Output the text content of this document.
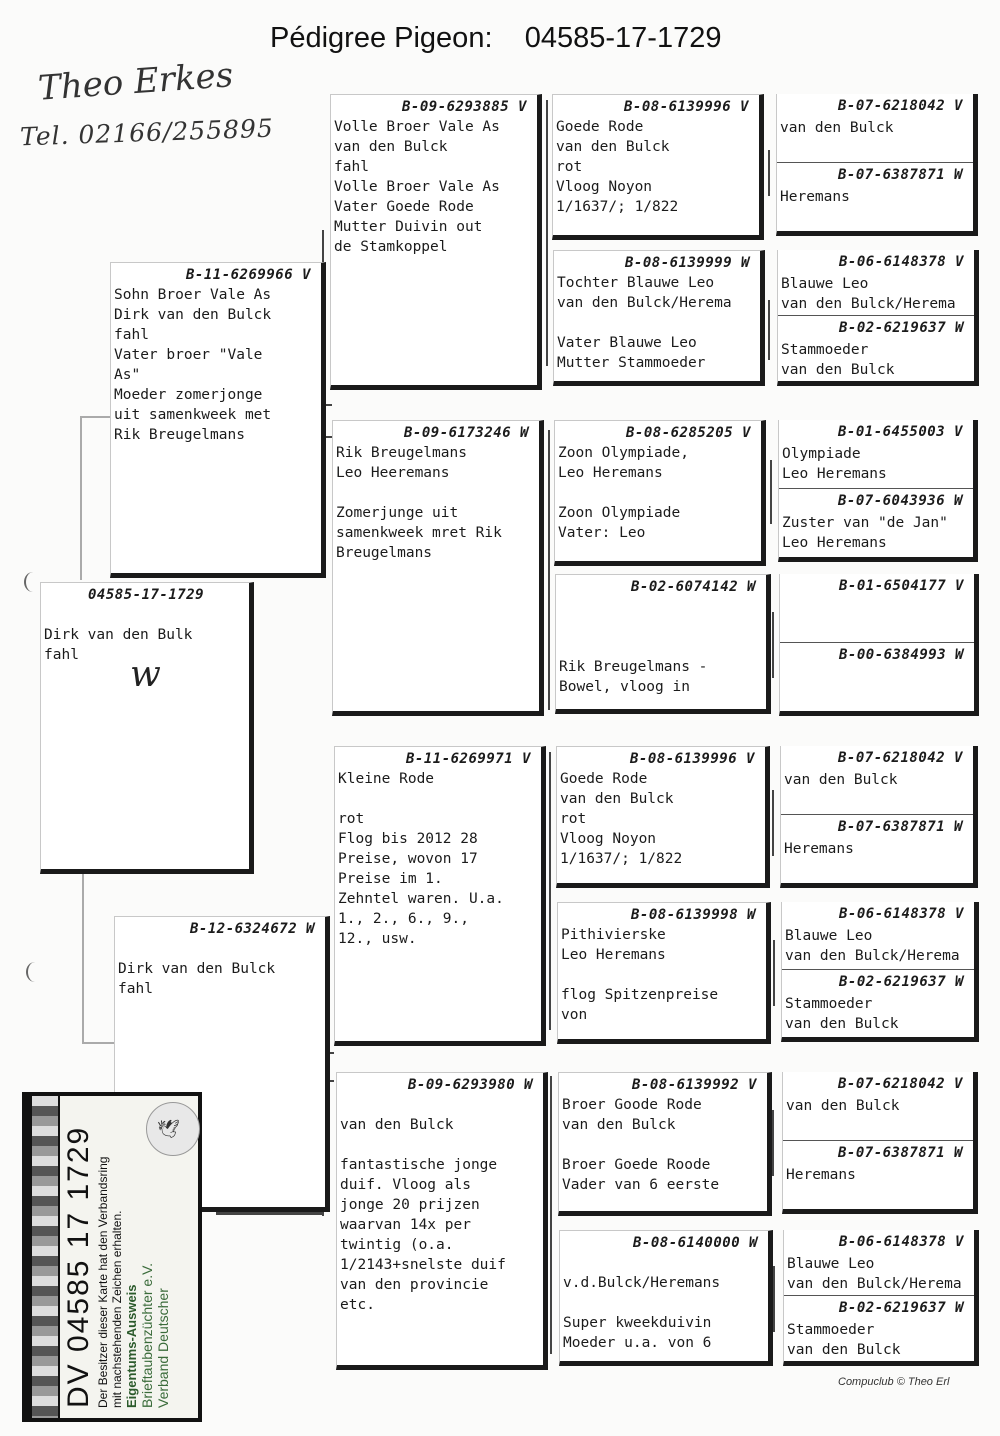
Pédigree Pigeon: 04585-17-1729
Theo Erkes
Tel. 02166/255895
04585-17-1729
Dirk van den Bulk
fahl	w
B-11-6269966 V
Sohn Broer Vale As
Dirk van den Bulck
fahl
Vater broer "Vale
As"
Moeder zomerjonge
uit samenkweek met
Rik Breugelmans
B-12-6324672 W
Dirk van den Bulck
fahl
B-09-6293885 V
Volle Broer Vale As
van den Bulck
fahl
Volle Broer Vale As
Vater Goede Rode
Mutter Duivin out
de Stamkoppel
B-09-6173246 W
Rik Breugelmans
Leo Heeremans
Zomerjunge uit
samenkweek mret Rik
Breugelmans
B-11-6269971 V
Kleine Rode
rot
Flog bis 2012 28
Preise, wovon 17
Preise im 1.
Zehntel waren. U.a.
1., 2., 6., 9.,
12., usw.
B-09-6293980 W
van den Bulck
fantastische jonge
duif. Vloog als
jonge 20 prijzen
waarvan 14x per
twintig (o.a.
1/2143+snelste duif
van den provincie
etc.
B-08-6139996 V
Goede Rode
van den Bulck
rot
Vloog Noyon
1/1637/; 1/822
B-08-6139999 W
Tochter Blauwe Leo
van den Bulck/Herema
Vater Blauwe Leo
Mutter Stammoeder
B-08-6285205 V
Zoon Olympiade,
Leo Heremans
Zoon Olympiade
Vater: Leo
B-02-6074142 W
Rik Breugelmans -
Bowel, vloog in
B-08-6139996 V
Goede Rode
van den Bulck
rot
Vloog Noyon
1/1637/; 1/822
B-08-6139998 W
Pithivierske
Leo Heremans
flog Spitzenpreise
von
B-08-6139992 V
Broer Goode Rode
van den Bulck
Broer Goede Roode
Vader van 6 eerste
B-08-6140000 W
v.d.Bulck/Heremans
Super kweekduivin
Moeder u.a. von 6
B-07-6218042 V
van den Bulck
B-07-6387871 W
Heremans
B-06-6148378 V
Blauwe Leo
van den Bulck/Herema
B-02-6219637 W
Stammoeder
van den Bulck
B-01-6455003 V
Olympiade
Leo Heremans
B-07-6043936 W
Zuster van "de Jan"
Leo Heremans
B-01-6504177 V
B-00-6384993 W
B-07-6218042 V
van den Bulck
B-07-6387871 W
Heremans
B-06-6148378 V
Blauwe Leo
van den Bulck/Herema
B-02-6219637 W
Stammoeder
van den Bulck
B-07-6218042 V
van den Bulck
B-07-6387871 W
Heremans
B-06-6148378 V
Blauwe Leo
van den Bulck/Herema
B-02-6219637 W
Stammoeder
van den Bulck
DV 04585 17 1729 Der Besitzer dieser Karte hat den Verbandsring mit nachstehenden Zeichen erhalten. Eigentums-Ausweis Brieftaubenzüchter e.V. Verband Deutscher
🕊
Compuclub © Theo Erl
